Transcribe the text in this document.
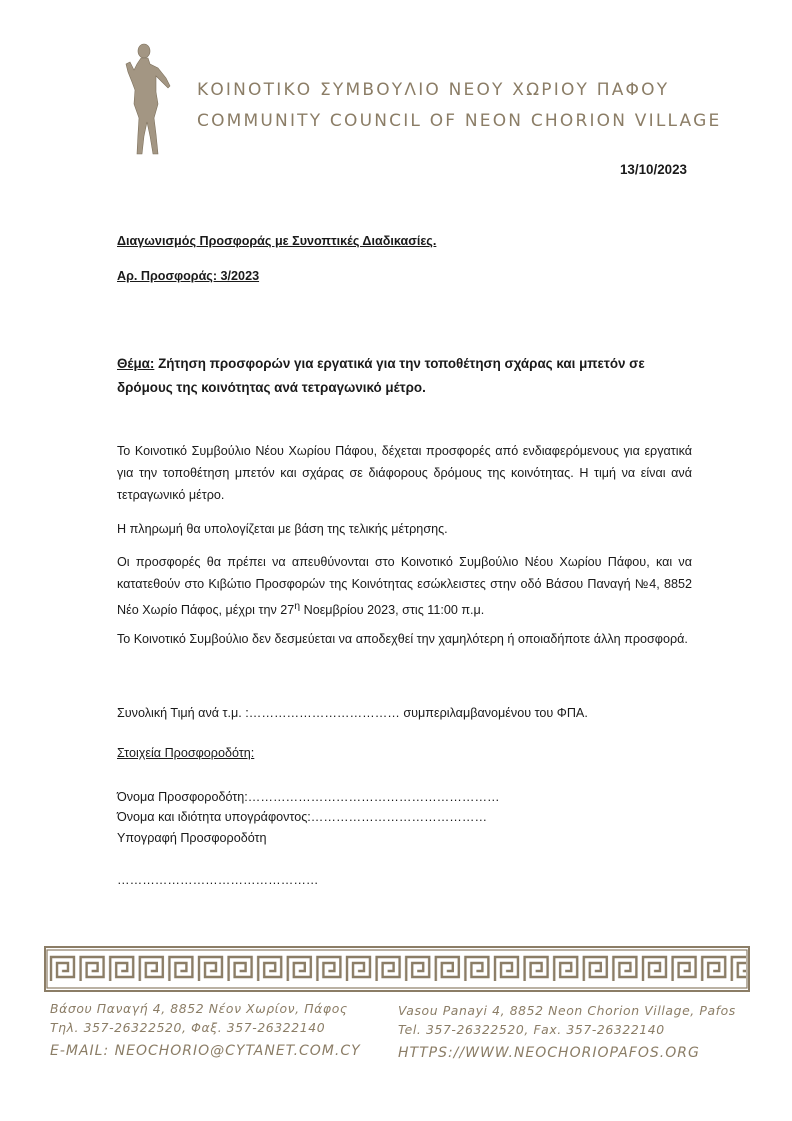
ΚΟΙΝΟΤΙΚΟ ΣΥΜΒΟΥΛΙΟ ΝΕΟΥ ΧΩΡΙΟΥ ΠΑΦΟΥ
COMMUNITY COUNCIL OF NEON CHORION VILLAGE
13/10/2023
Διαγωνισμός Προσφοράς με Συνοπτικές Διαδικασίες.
Αρ. Προσφοράς: 3/2023
Θέμα: Ζήτηση προσφορών για εργατικά για την τοποθέτηση σχάρας και μπετόν σε δρόμους της κοινότητας ανά τετραγωνικό μέτρο.
Το Κοινοτικό Συμβούλιο Νέου Χωρίου Πάφου, δέχεται προσφορές από ενδιαφερόμενους για εργατικά για την τοποθέτηση μπετόν και σχάρας σε διάφορους δρόμους της κοινότητας. Η τιμή να είναι ανά τετραγωνικό μέτρο.
Η πληρωμή θα υπολογίζεται με βάση της τελικής μέτρησης.
Οι προσφορές θα πρέπει να απευθύνονται στο Κοινοτικό Συμβούλιο Νέου Χωρίου Πάφου, και να κατατεθούν στο Κιβώτιο Προσφορών της Κοινότητας εσώκλειστες στην οδό Βάσου Παναγή №4, 8852 Νέο Χωρίο Πάφος, μέχρι την $27^\eta$ Νοεμβρίου 2023, στις 11:00 π.μ.
Το Κοινοτικό Συμβούλιο δεν δεσμεύεται να αποδεχθεί την χαμηλότερη ή οποιαδήποτε άλλη προσφορά.
Συνολική Τιμή ανά τ.μ. :……………………………… συμπεριλαμβανομένου του ΦΠΑ.
Στοιχεία Προσφοροδότη:
Όνομα Προσφοροδότη:……………………………………………………
Όνομα και ιδιότητα υπογράφοντος:……………………………………
Υπογραφή Προσφοροδότη
…………………………………………
Βάσου Παναγή 4, 8852 Νέον Χωρίον, Πάφος
Τηλ. 357-26322520, Φαξ. 357-26322140
E-MAIL: NEOCHORIO@CYTANET.COM.CY
Vasou Panayi 4, 8852 Neon Chorion Village, Pafos
Tel. 357-26322520, Fax. 357-26322140
HTTPS://WWW.NEOCHORIOPAFOS.ORG
